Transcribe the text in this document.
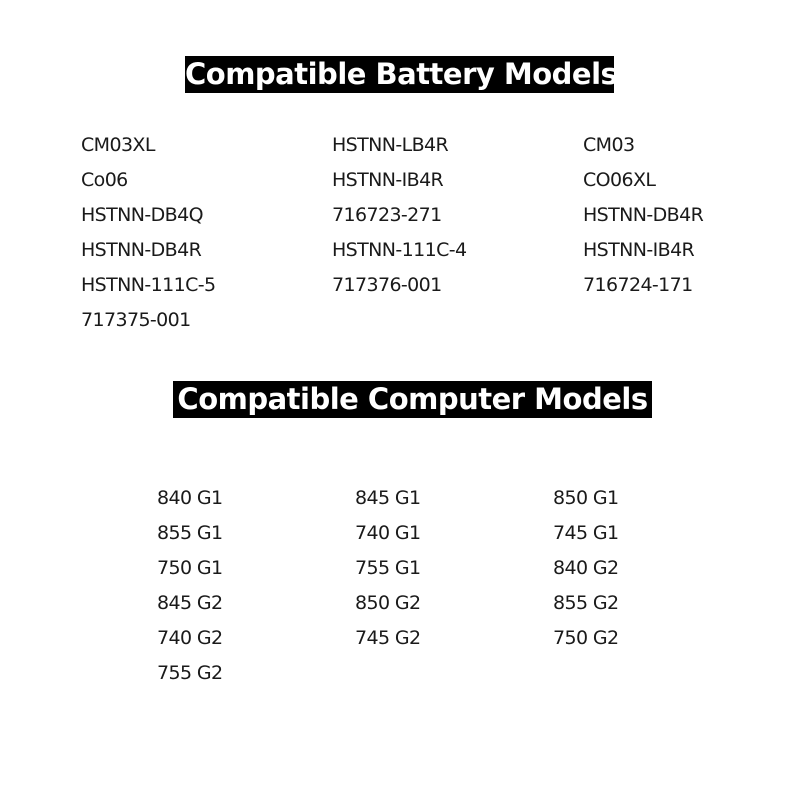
Compatible Battery Models
CM03XL
Co06
HSTNN-DB4Q
HSTNN-DB4R
HSTNN-111C-5
717375-001
HSTNN-LB4R
HSTNN-IB4R
716723-271
HSTNN-111C-4
717376-001
CM03
CO06XL
HSTNN-DB4R
HSTNN-IB4R
716724-171
Compatible Computer Models
840 G1
855 G1
750 G1
845 G2
740 G2
755 G2
845 G1
740 G1
755 G1
850 G2
745 G2
850 G1
745 G1
840 G2
855 G2
750 G2
